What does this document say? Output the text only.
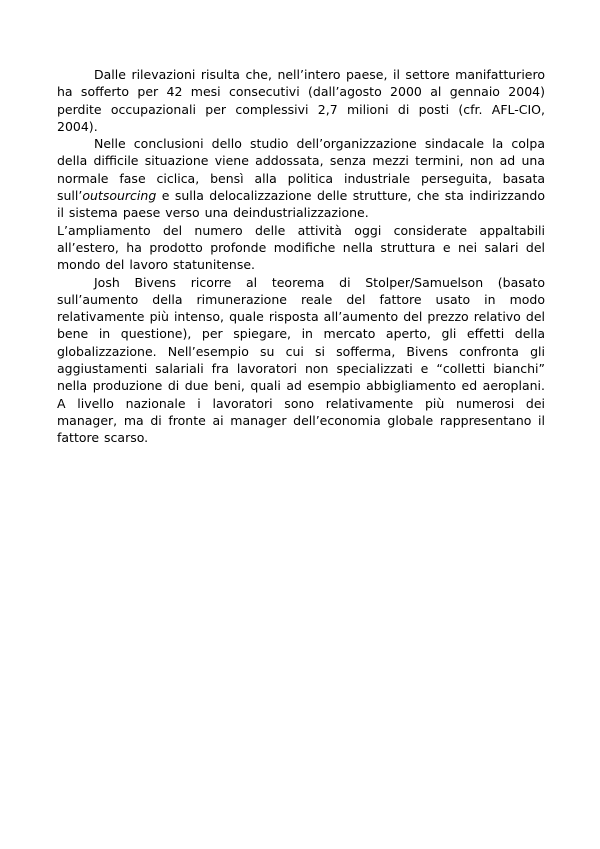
Dalle rilevazioni risulta che, nell’intero paese, il settore manifatturiero ha sofferto per 42 mesi consecutivi (dall’agosto 2000 al gennaio 2004) perdite occupazionali per complessivi 2,7 milioni di posti (cfr. AFL-CIO, 2004).

Nelle conclusioni dello studio dell’organizzazione sindacale la colpa della difficile situazione viene addossata, senza mezzi termini, non ad una normale fase ciclica, bensì alla politica industriale perseguita, basata sull’outsourcing e sulla delocalizzazione delle strutture, che sta indirizzando il sistema paese verso una deindustrializzazione.

L’ampliamento del numero delle attività oggi considerate appaltabili all’estero, ha prodotto profonde modifiche nella struttura e nei salari del mondo del lavoro statunitense.

Josh Bivens ricorre al teorema di Stolper/Samuelson (basato sull’aumento della rimunerazione reale del fattore usato in modo relativamente più intenso, quale risposta all’aumento del prezzo relativo del bene in questione), per spiegare, in mercato aperto, gli effetti della globalizzazione. Nell’esempio su cui si sofferma, Bivens confronta gli aggiustamenti salariali fra lavoratori non specializzati e “colletti bianchi” nella produzione di due beni, quali ad esempio abbigliamento ed aeroplani. A livello nazionale i lavoratori sono relativamente più numerosi dei manager, ma di fronte ai manager dell’economia globale rappresentano il fattore scarso.
